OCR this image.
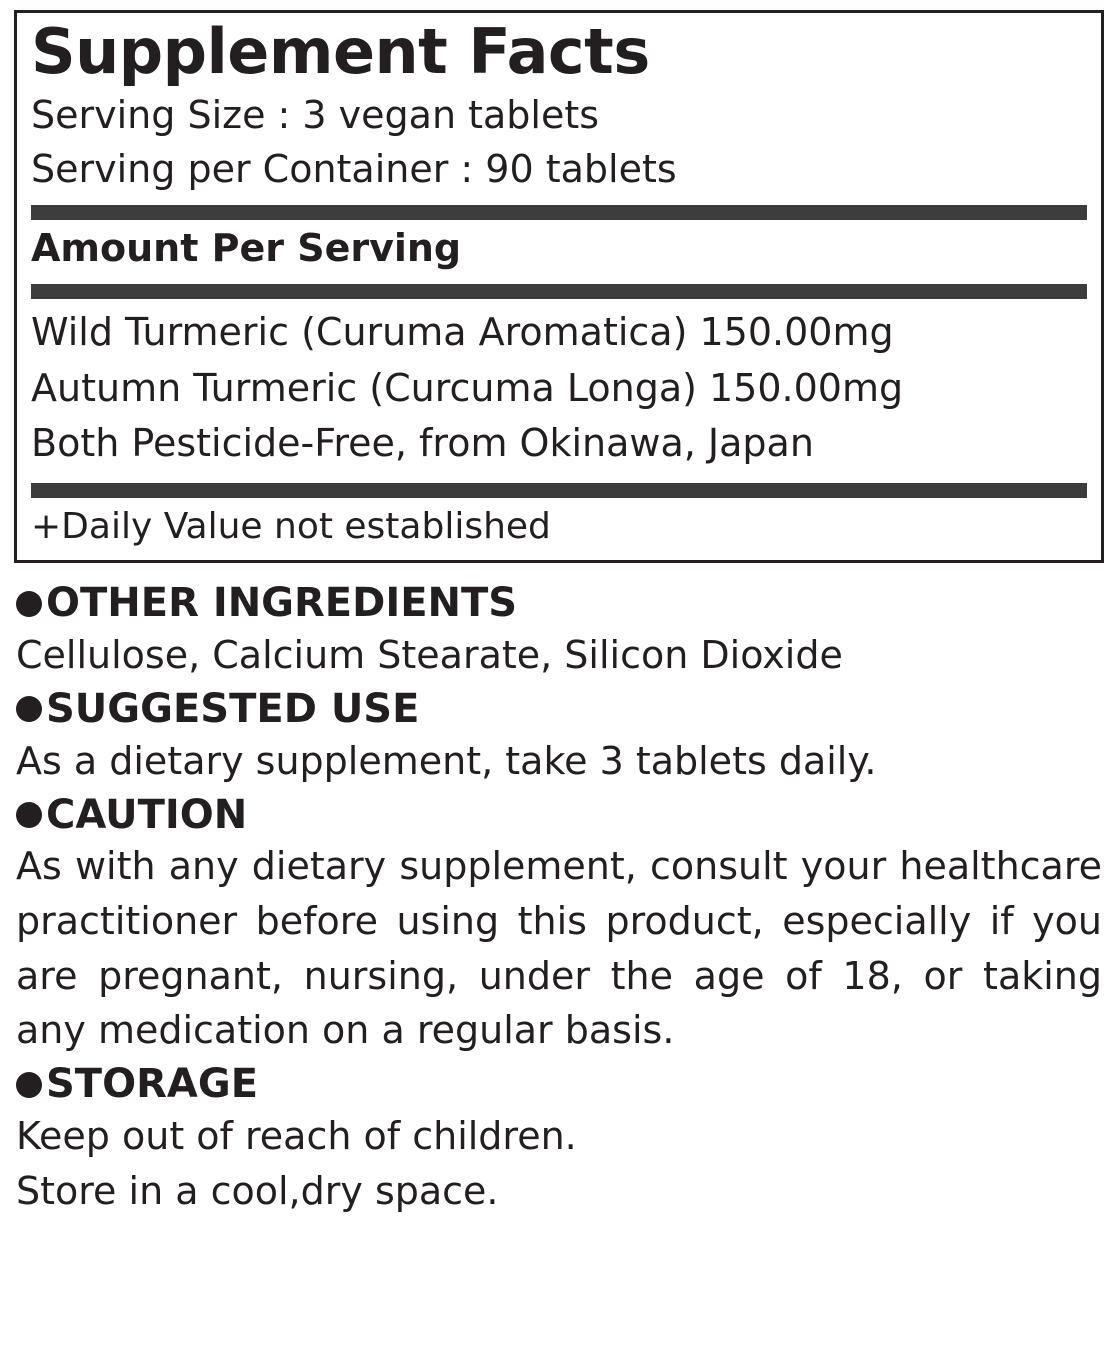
Supplement Facts
Serving Size : 3 vegan tablets
Serving per Container : 90 tablets
Amount Per Serving
Wild Turmeric (Curuma Aromatica) 150.00mg
Autumn Turmeric (Curcuma Longa) 150.00mg
Both Pesticide-Free, from Okinawa, Japan
+Daily Value not established
OTHER INGREDIENTS
Cellulose, Calcium Stearate, Silicon Dioxide
SUGGESTED USE
As a dietary supplement, take 3 tablets daily.
CAUTION
As with any dietary supplement, consult your healthcare practitioner before using this product, especially if you are pregnant, nursing, under the age of 18, or taking any medication on a regular basis.
STORAGE
Keep out of reach of children.
Store in a cool,dry space.
